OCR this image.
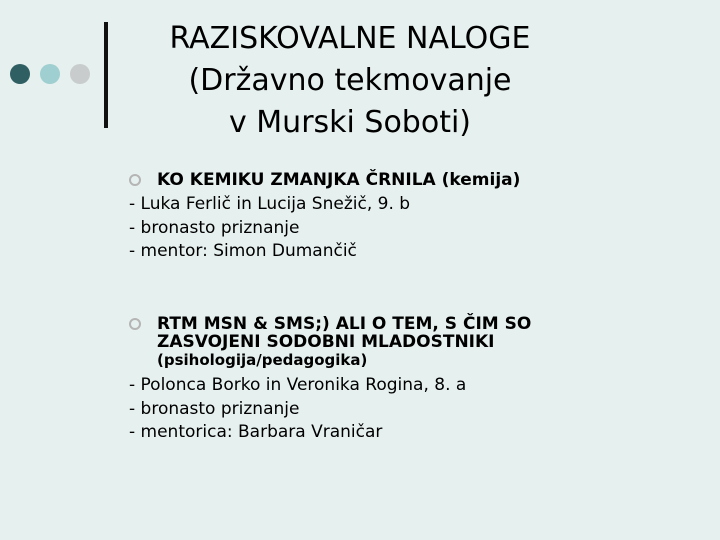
RAZISKOVALNE NALOGE
(Državno tekmovanje
v Murski Soboti)
KO KEMIKU ZMANJKA ČRNILA (kemija)
- Luka Ferlič in Lucija Snežič, 9. b
- bronasto priznanje
- mentor: Simon Dumančič
RTM MSN & SMS;) ALI O TEM, S ČIM SO
ZASVOJENI SODOBNI MLADOSTNIKI
(psihologija/pedagogika)
- Polonca Borko in Veronika Rogina, 8. a
- bronasto priznanje
- mentorica: Barbara Vraničar
